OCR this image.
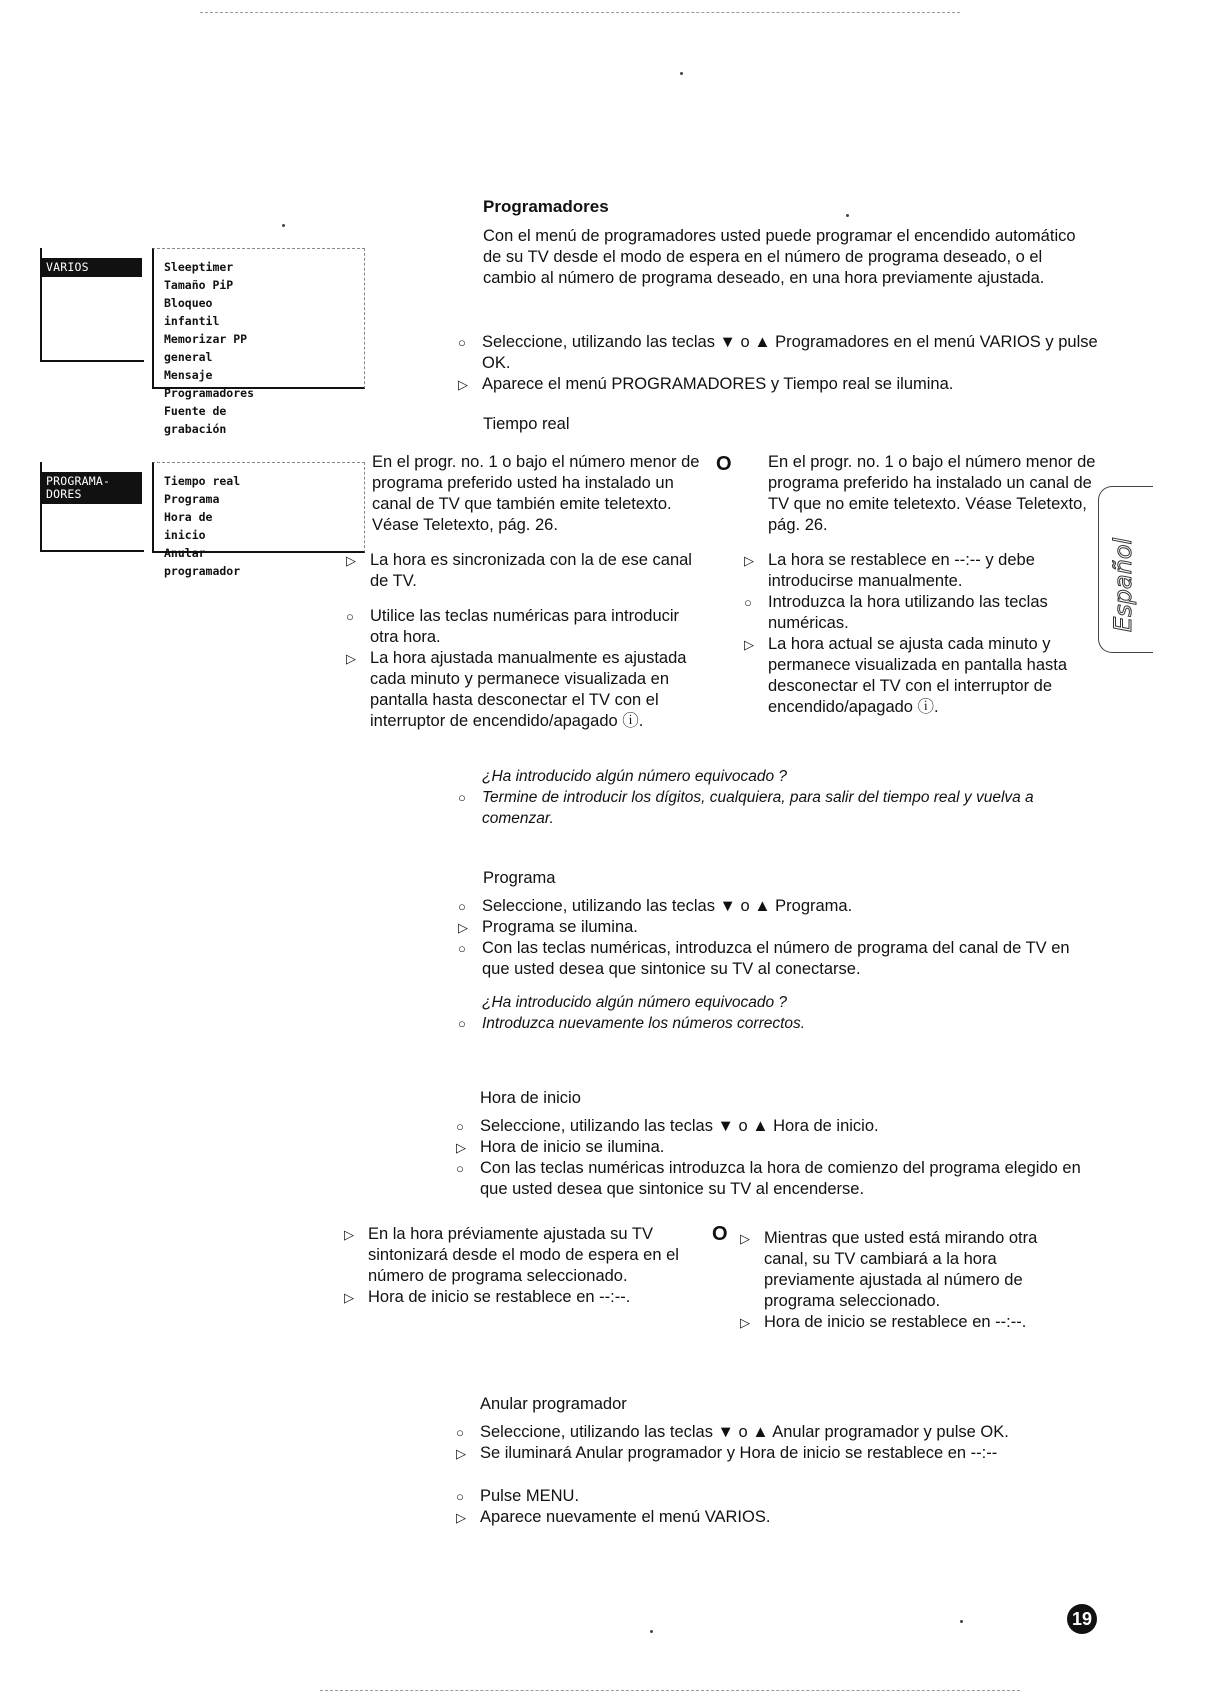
VARIOS	Sleeptimer
Tamaño PiP
Bloqueo infantil
Memorizar PP general
Mensaje
Programadores
Fuente de grabación
PROGRAMA-
DORES
Tiempo real
Programa
Hora de inicio
Anular programador
Programadores

Con el menú de programadores usted puede programar el encendido automático de su TV desde el modo de espera en el número de programa deseado, o el cambio al número de programa deseado, en una hora previamente ajustada.

○
Seleccione, utilizando las teclas ▼ o ▲ Programadores en el menú VARIOS y pulse OK.
▷
Aparece el menú PROGRAMADORES y Tiempo real se ilumina.

Tiempo real

En el progr. no. 1 o bajo el número menor de programa preferido usted ha instalado un canal de TV que también emite teletexto. Véase Teletexto, pág. 26.

▷
La hora es sincronizada con la de ese canal de TV.
○
Utilice las teclas numéricas para introducir otra hora.
▷
La hora ajustada manualmente es ajustada cada minuto y permanece visualizada en pantalla hasta desconectar el TV con el interruptor de encendido/apagado ⓘ.
O En el progr. no. 1 o bajo el número menor de programa preferido ha instalado un canal de TV que no emite teletexto. Véase Teletexto, pág. 26.

▷
La hora se restablece en --:-- y debe introducirse manualmente.
○
Introduzca la hora utilizando las teclas numéricas.
▷
La hora actual se ajusta cada minuto y permanece visualizada en pantalla hasta desconectar el TV con el interruptor de encendido/apagado ⓘ.
Español

¿Ha introducido algún número equivocado ?

○
Termine de introducir los dígitos, cualquiera, para salir del tiempo real y vuelva a comenzar.

Programa

○
Seleccione, utilizando las teclas ▼ o ▲ Programa.
▷
Programa se ilumina.
○
Con las teclas numéricas, introduzca el número de programa del canal de TV en que usted desea que sintonice su TV al conectarse.

¿Ha introducido algún número equivocado ?

○
Introduzca nuevamente los números correctos.

Hora de inicio

○
Seleccione, utilizando las teclas ▼ o ▲ Hora de inicio.
▷
Hora de inicio se ilumina.
○
Con las teclas numéricas introduzca la hora de comienzo del programa elegido en que usted desea que sintonice su TV al encenderse.
▷
En la hora préviamente ajustada su TV sintonizará desde el modo de espera en el número de programa seleccionado.
▷
Hora de inicio se restablece en --:--.
O ▷	Mientras que usted está mirando otra canal, su TV cambiará a la hora previamente ajustada al número de programa seleccionado.
▷
Hora de inicio se restablece en --:--.

Anular programador

○
Seleccione, utilizando las teclas ▼ o ▲ Anular programador y pulse OK.
▷
Se iluminará Anular programador y Hora de inicio se restablece en --:--
○
Pulse MENU.
▷
Aparece nuevamente el menú VARIOS.
19
